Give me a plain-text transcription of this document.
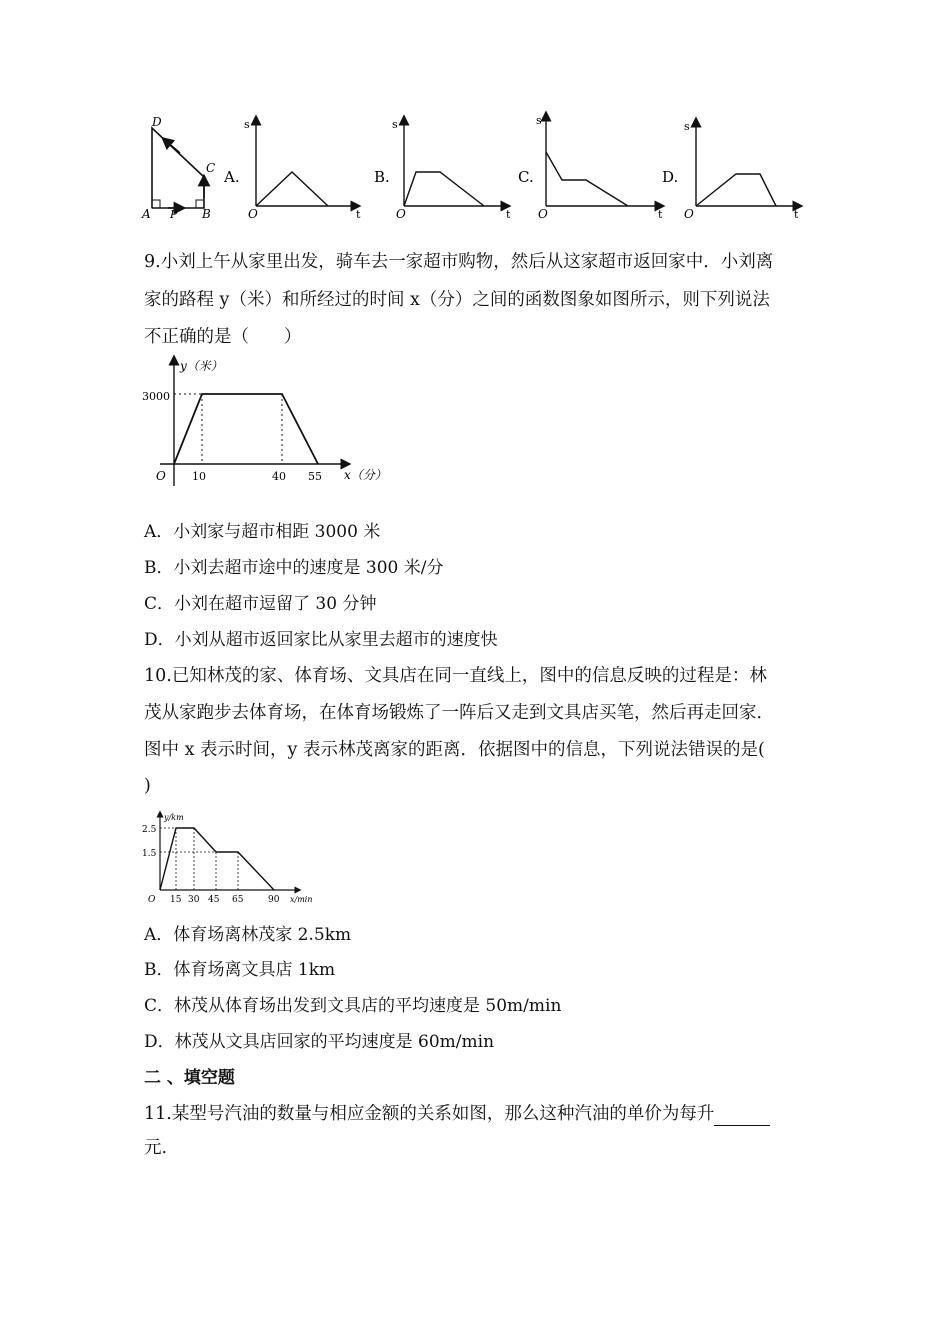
D
C
A P B
A.
s
t
O
B.
s
t
O
C.
s
t
O
D.
s
t
O
9.小刘上午从家里出发，骑车去一家超市购物，然后从这家超市返回家中．小刘离
家的路程 y（米）和所经过的时间 x（分）之间的函数图象如图所示，则下列说法
不正确的是（　　）
y（米）
x（分）
O
3000
10	40 55
A．小刘家与超市相距 3000 米
B．小刘去超市途中的速度是 300 米/分
C．小刘在超市逗留了 30 分钟
D．小刘从超市返回家比从家里去超市的速度快
10.已知林茂的家、体育场、文具店在同一直线上，图中的信息反映的过程是：林
茂从家跑步去体育场，在体育场锻炼了一阵后又走到文具店买笔，然后再走回家．
图中 x 表示时间，y 表示林茂离家的距离．依据图中的信息，下列说法错误的是(
)
y/km
x/min
O
2.5
1.5
15 30 45 65	90
A．体育场离林茂家 2.5km
B．体育场离文具店 1km
C．林茂从体育场出发到文具店的平均速度是 50m/min
D．林茂从文具店回家的平均速度是 60m/min
二 、填空题
11.某型号汽油的数量与相应金额的关系如图，那么这种汽油的单价为每升
元.
